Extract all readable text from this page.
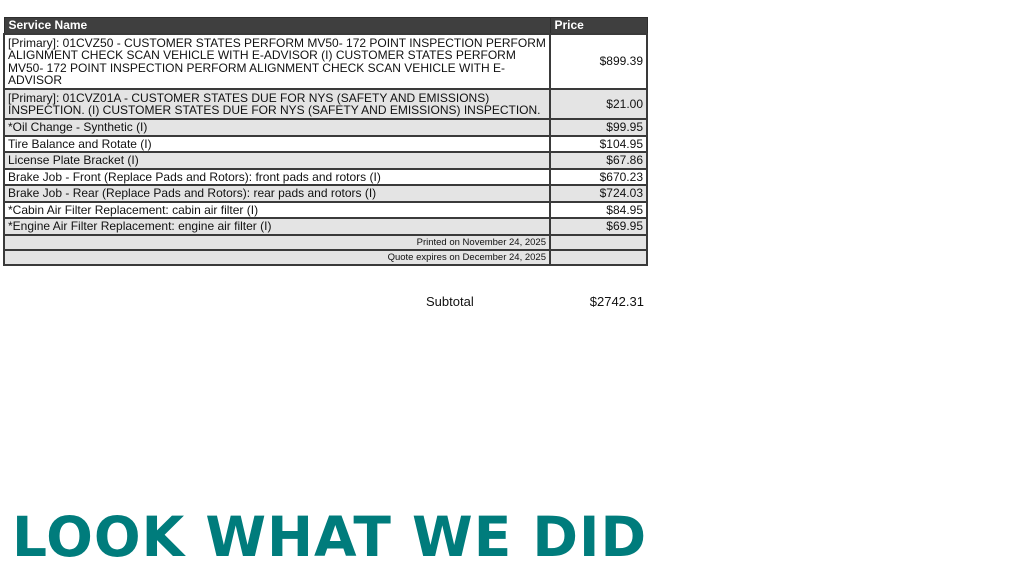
Service Name	Price
[Primary]: 01CVZ50 - CUSTOMER STATES PERFORM MV50- 172 POINT INSPECTION PERFORM ALIGNMENT CHECK SCAN VEHICLE WITH E-ADVISOR (I) CUSTOMER STATES PERFORM MV50- 172 POINT INSPECTION PERFORM ALIGNMENT CHECK SCAN VEHICLE WITH E-ADVISOR	$899.39
[Primary]: 01CVZ01A - CUSTOMER STATES DUE FOR NYS (SAFETY AND EMISSIONS) INSPECTION. (I) CUSTOMER STATES DUE FOR NYS (SAFETY AND EMISSIONS) INSPECTION.	$21.00
*Oil Change - Synthetic (I)	$99.95
Tire Balance and Rotate (I)	$104.95
License Plate Bracket (I)	$67.86
Brake Job - Front (Replace Pads and Rotors): front pads and rotors (I)	$670.23
Brake Job - Rear (Replace Pads and Rotors): rear pads and rotors (I)	$724.03
*Cabin Air Filter Replacement: cabin air filter (I)	$84.95
*Engine Air Filter Replacement: engine air filter (I)	$69.95
Printed on November 24, 2025	
Quote expires on December 24, 2025	
Subtotal	$2742.31
LOOK WHAT WE DID
